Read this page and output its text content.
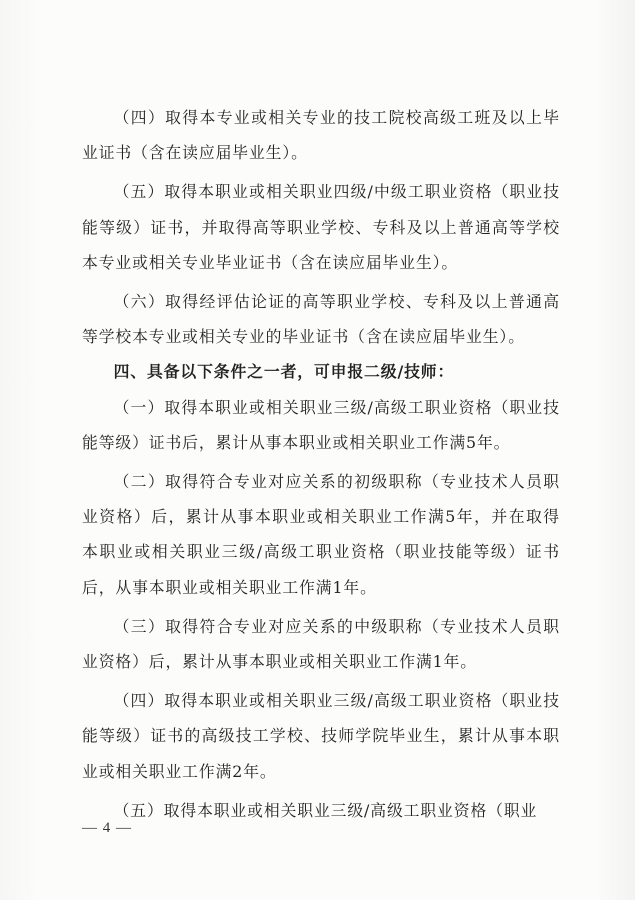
（四）取得本专业或相关专业的技工院校高级工班及以上毕业证书（含在读应届毕业生）。

（五）取得本职业或相关职业四级/中级工职业资格（职业技能等级）证书，并取得高等职业学校、专科及以上普通高等学校本专业或相关专业毕业证书（含在读应届毕业生）。

（六）取得经评估论证的高等职业学校、专科及以上普通高等学校本专业或相关专业的毕业证书（含在读应届毕业生）。

四、具备以下条件之一者，可申报二级/技师：

（一）取得本职业或相关职业三级/高级工职业资格（职业技能等级）证书后，累计从事本职业或相关职业工作满5年。

（二）取得符合专业对应关系的初级职称（专业技术人员职业资格）后，累计从事本职业或相关职业工作满5年，并在取得本职业或相关职业三级/高级工职业资格（职业技能等级）证书后，从事本职业或相关职业工作满1年。

（三）取得符合专业对应关系的中级职称（专业技术人员职业资格）后，累计从事本职业或相关职业工作满1年。

（四）取得本职业或相关职业三级/高级工职业资格（职业技能等级）证书的高级技工学校、技师学院毕业生，累计从事本职业或相关职业工作满2年。

（五）取得本职业或相关职业三级/高级工职业资格（职业

— 4 —
